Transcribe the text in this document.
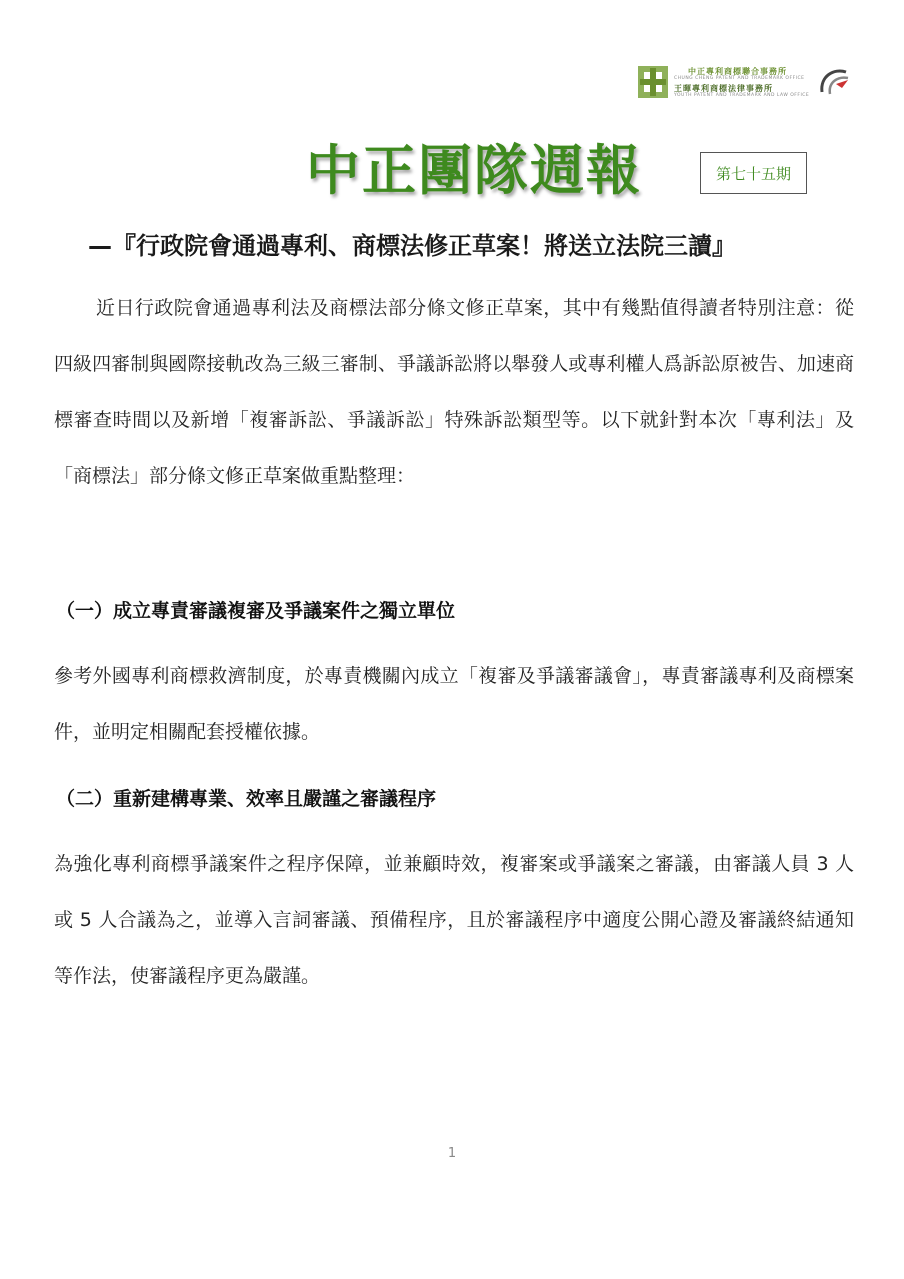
中正專利商標聯合事務所
CHUNG CHENG PATENT AND TRADEMARK OFFICE
王暉專利商標法律事務所
YOUTH PATENT AND TRADEMARK AND LAW OFFICE
中正團隊週報	第七十五期
—『行政院會通過專利、商標法修正草案！將送立法院三讀』
近日行政院會通過專利法及商標法部分條文修正草案，其中有幾點值得讀者特別注意：從四級四審制與國際接軌改為三級三審制、爭議訴訟將以舉發人或專利權人爲訴訟原被告、加速商標審查時間以及新增「複審訴訟、爭議訴訟」特殊訴訟類型等。以下就針對本次「專利法」及「商標法」部分條文修正草案做重點整理：
（一）成立專責審議複審及爭議案件之獨立單位
參考外國專利商標救濟制度，於專責機關內成立「複審及爭議審議會」，專責審議專利及商標案件，並明定相關配套授權依據。
（二）重新建構專業、效率且嚴謹之審議程序
為強化專利商標爭議案件之程序保障，並兼顧時效，複審案或爭議案之審議，由審議人員 3 人或 5 人合議為之，並導入言詞審議、預備程序，且於審議程序中適度公開心證及審議終結通知等作法，使審議程序更為嚴謹。
1
